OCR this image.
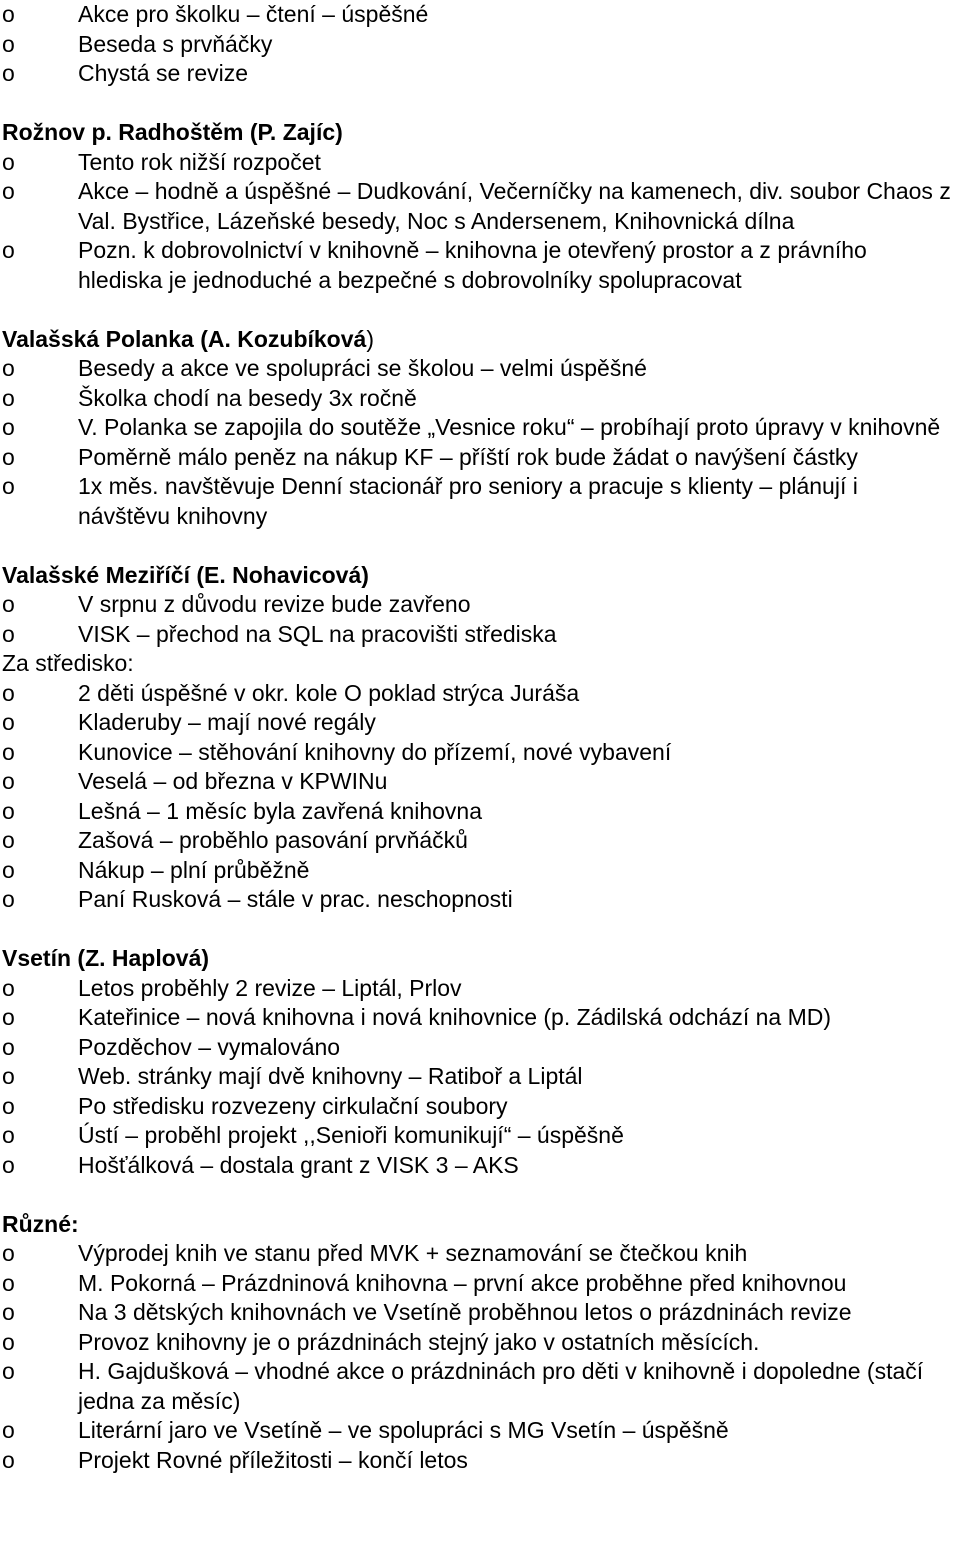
o	Akce pro školku – čtení – úspěšné
o	Beseda s prvňáčky
o	Chystá se revize
Rožnov p. Radhoštěm (P. Zajíc)
o	Tento rok nižší rozpočet
o	Akce – hodně a úspěšné – Dudkování, Večerníčky na kamenech, div. soubor Chaos z Val. Bystřice, Lázeňské besedy, Noc s Andersenem, Knihovnická dílna
o	Pozn. k dobrovolnictví v knihovně – knihovna je otevřený prostor a z právního hlediska je jednoduché a bezpečné s dobrovolníky spolupracovat
Valašská Polanka (A. Kozubíková)
o	Besedy a akce ve spolupráci se školou – velmi úspěšné
o	Školka chodí na besedy 3x ročně
o	V. Polanka se zapojila do soutěže „Vesnice roku“ – probíhají proto úpravy v knihovně
o	Poměrně málo peněz na nákup KF – příští rok bude žádat o navýšení částky
o	1x měs. navštěvuje Denní stacionář pro seniory a pracuje s klienty – plánují i návštěvu knihovny
Valašské Meziříčí (E. Nohavicová)
o	V srpnu z důvodu revize bude zavřeno
o	VISK – přechod na SQL na pracovišti střediska
Za středisko:
o	2 děti úspěšné v okr. kole O poklad strýca Juráša
o	Kladeruby – mají nové regály
o	Kunovice – stěhování knihovny do přízemí, nové vybavení
o	Veselá – od března v KPWINu
o	Lešná – 1 měsíc byla zavřená knihovna
o	Zašová – proběhlo pasování prvňáčků
o	Nákup – plní průběžně
o	Paní Rusková – stále v prac. neschopnosti
Vsetín (Z. Haplová)
o	Letos proběhly 2 revize – Liptál, Prlov
o	Kateřinice – nová knihovna i nová knihovnice (p. Zádilská odchází na MD)
o	Pozděchov – vymalováno
o	Web. stránky mají dvě knihovny – Ratiboř a Liptál
o	Po středisku rozvezeny cirkulační soubory
o	Ústí – proběhl projekt ,,Senioři komunikují“ – úspěšně
o	Hošťálková – dostala grant z VISK 3 – AKS
Různé:
o	Výprodej knih ve stanu před MVK + seznamování se čtečkou knih
o	M. Pokorná – Prázdninová knihovna – první akce proběhne před knihovnou
o	Na 3 dětských knihovnách ve Vsetíně proběhnou letos o prázdninách revize
o	Provoz knihovny je o prázdninách stejný jako v ostatních měsících.
o	H. Gajdušková – vhodné akce o prázdninách pro děti v knihovně i dopoledne (stačí jedna za měsíc)
o	Literární jaro ve Vsetíně – ve spolupráci s MG Vsetín – úspěšně
o	Projekt Rovné příležitosti – končí letos
